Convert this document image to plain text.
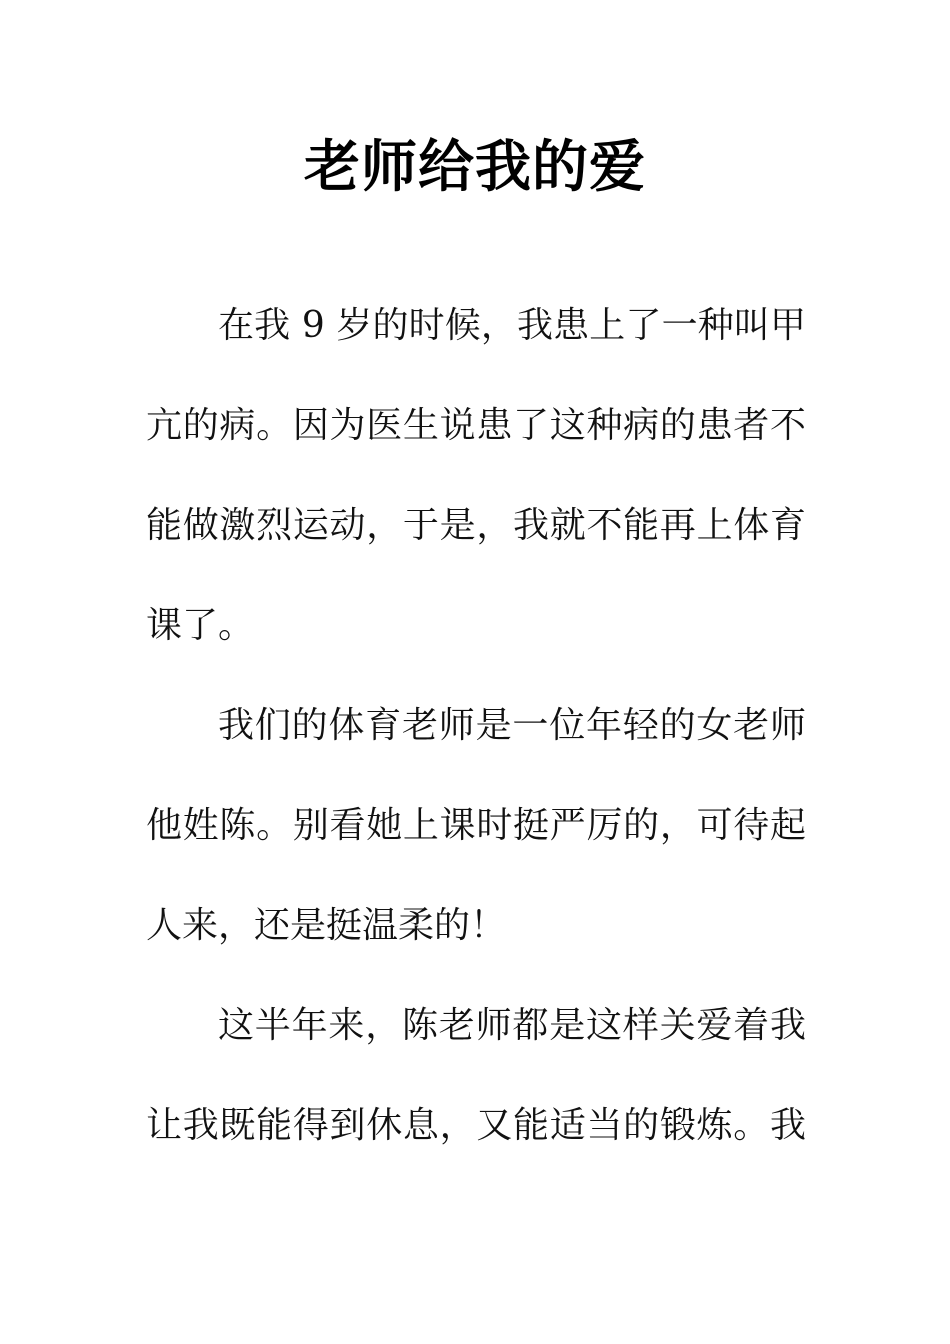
老师给我的爱
在我 9 岁的时候，我患上了一种叫甲
亢的病。因为医生说患了这种病的患者不
能做激烈运动，于是，我就不能再上体育
课了。
我们的体育老师是一位年轻的女老师
他姓陈。别看她上课时挺严厉的，可待起
人来，还是挺温柔的！
这半年来，陈老师都是这样关爱着我
让我既能得到休息，又能适当的锻炼。我
